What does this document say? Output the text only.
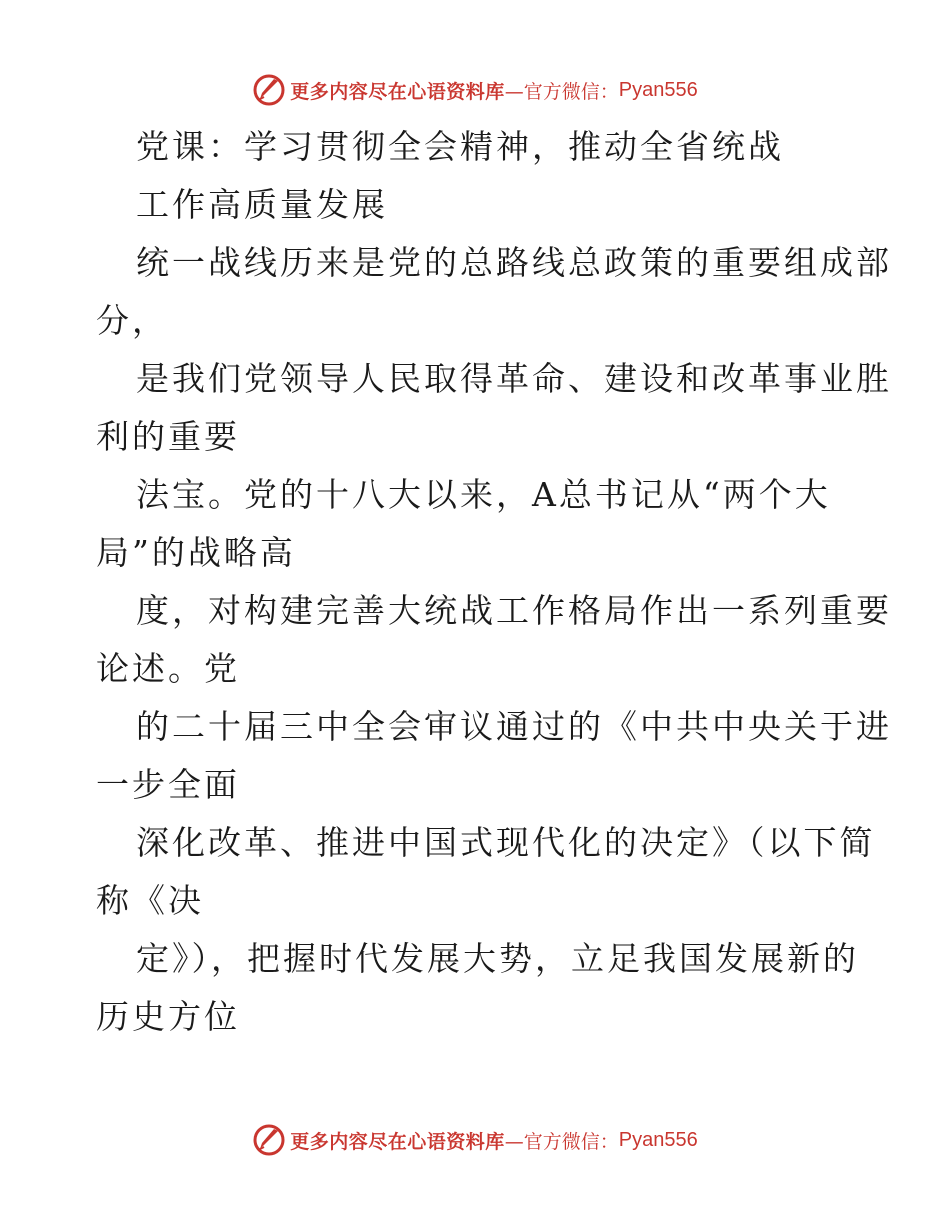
更多内容尽在心语资料库 —官方微信： Pyan556
党课：学习贯彻全会精神，推动全省统战
工作高质量发展
统一战线历来是党的总路线总政策的重要组成部
分，
是我们党领导人民取得革命、建设和改革事业胜
利的重要
法宝。党的十八大以来，A总书记从“两个大
局”的战略高
度，对构建完善大统战工作格局作出一系列重要
论述。党
的二十届三中全会审议通过的《中共中央关于进
一步全面
深化改革、推进中国式现代化的决定》（以下简
称《决
定》），把握时代发展大势，立足我国发展新的
历史方位
更多内容尽在心语资料库 —官方微信： Pyan556
